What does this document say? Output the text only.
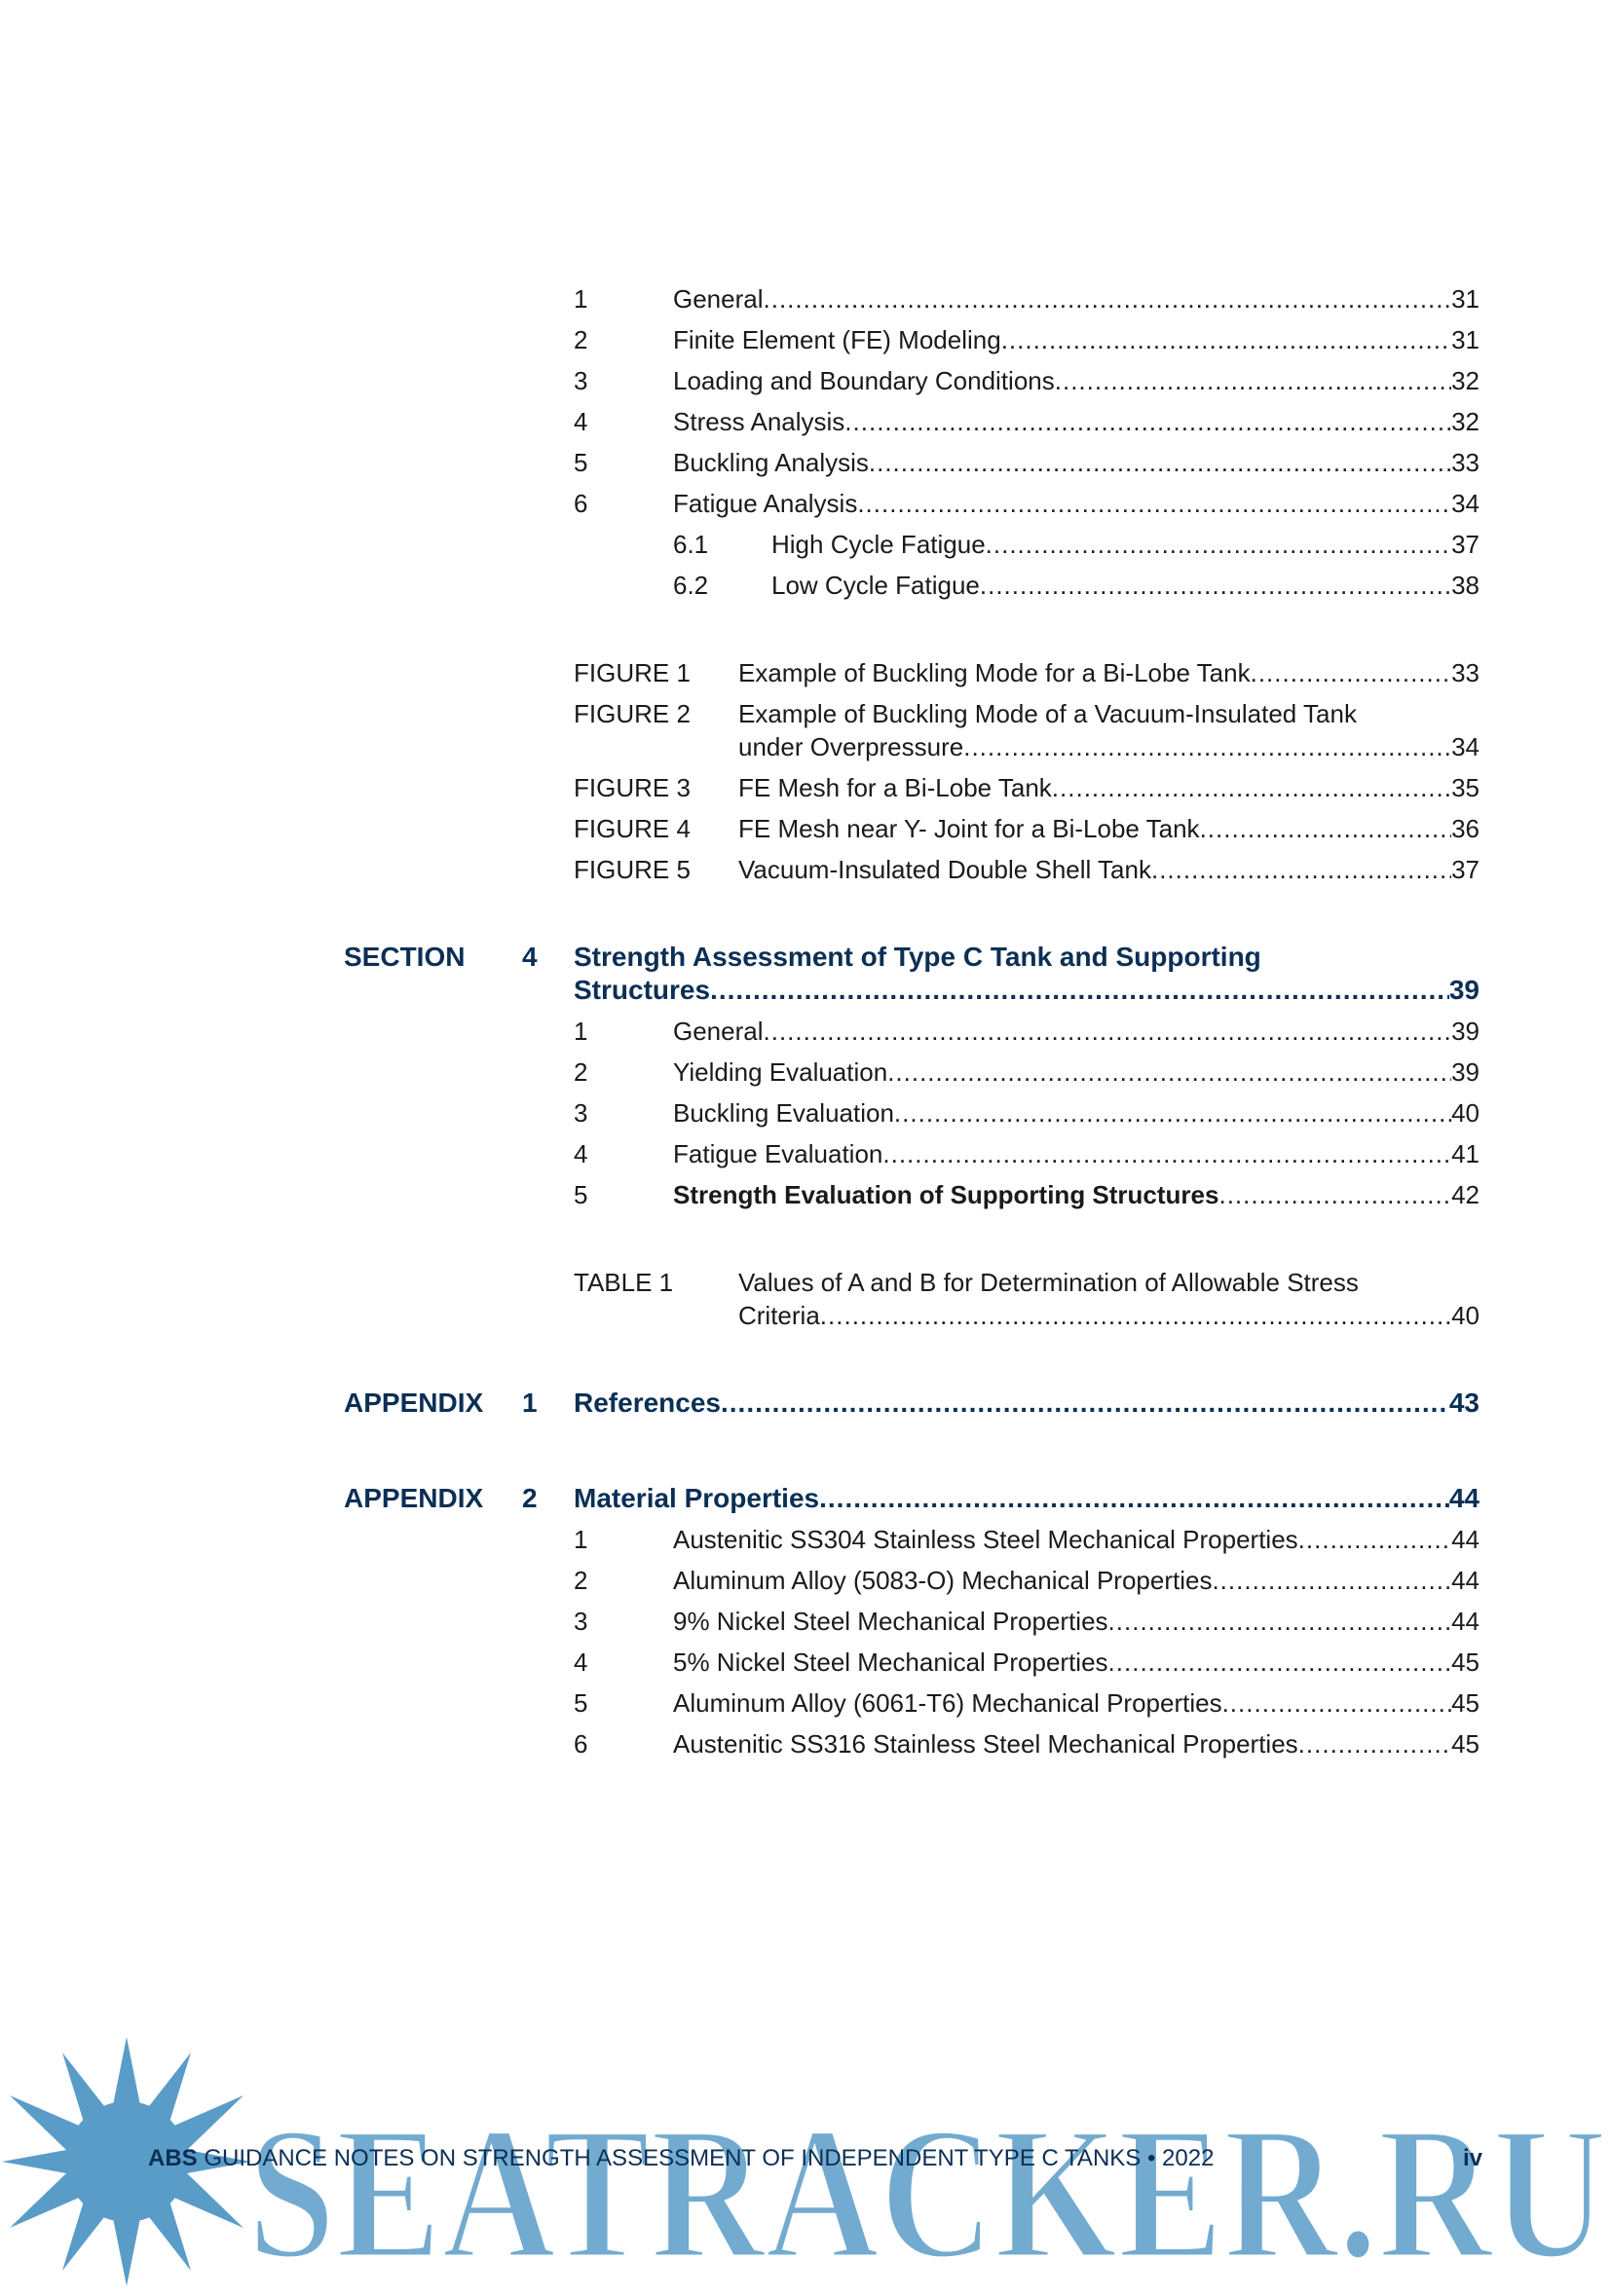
1	General .....	31
2	Finite Element (FE) Modeling .....	31
3	Loading and Boundary Conditions .....	32
4	Stress Analysis .....	32
5	Buckling Analysis .....	33
6	Fatigue Analysis .....	34
6.1 High Cycle Fatigue .....	37
6.2 Low Cycle Fatigue .....	38
FIGURE 1 Example of Buckling Mode for a Bi-Lobe Tank .....	33
FIGURE 2 Example of Buckling Mode of a Vacuum-Insulated Tank
under Overpressure .....	34
FIGURE 3 FE Mesh for a Bi-Lobe Tank .....	35
FIGURE 4 FE Mesh near Y- Joint for a Bi-Lobe Tank .....	36
FIGURE 5 Vacuum-Insulated Double Shell Tank .....	37
SECTION 4 Strength Assessment of Type C Tank and Supporting
Structures .....	39
1	General .....	39
2	Yielding Evaluation .....	39
3	Buckling Evaluation .....	40
4	Fatigue Evaluation .....	41
5	Strength Evaluation of Supporting Structures .....	42
TABLE 1	Values of A and B for Determination of Allowable Stress
Criteria .....	40
APPENDIX 1 References .....	43
APPENDIX 2 Material Properties .....	44
1	Austenitic SS304 Stainless Steel Mechanical Properties .....	44
2	Aluminum Alloy (5083-O) Mechanical Properties .....	44
3	9% Nickel Steel Mechanical Properties .....	44
4	5% Nickel Steel Mechanical Properties .....	45
5	Aluminum Alloy (6061-T6) Mechanical Properties .....	45
6	Austenitic SS316 Stainless Steel Mechanical Properties .....	45
SEATRACKER.RU
ABS GUIDANCE NOTES ON STRENGTH ASSESSMENT OF INDEPENDENT TYPE C TANKS • 2022	iv
